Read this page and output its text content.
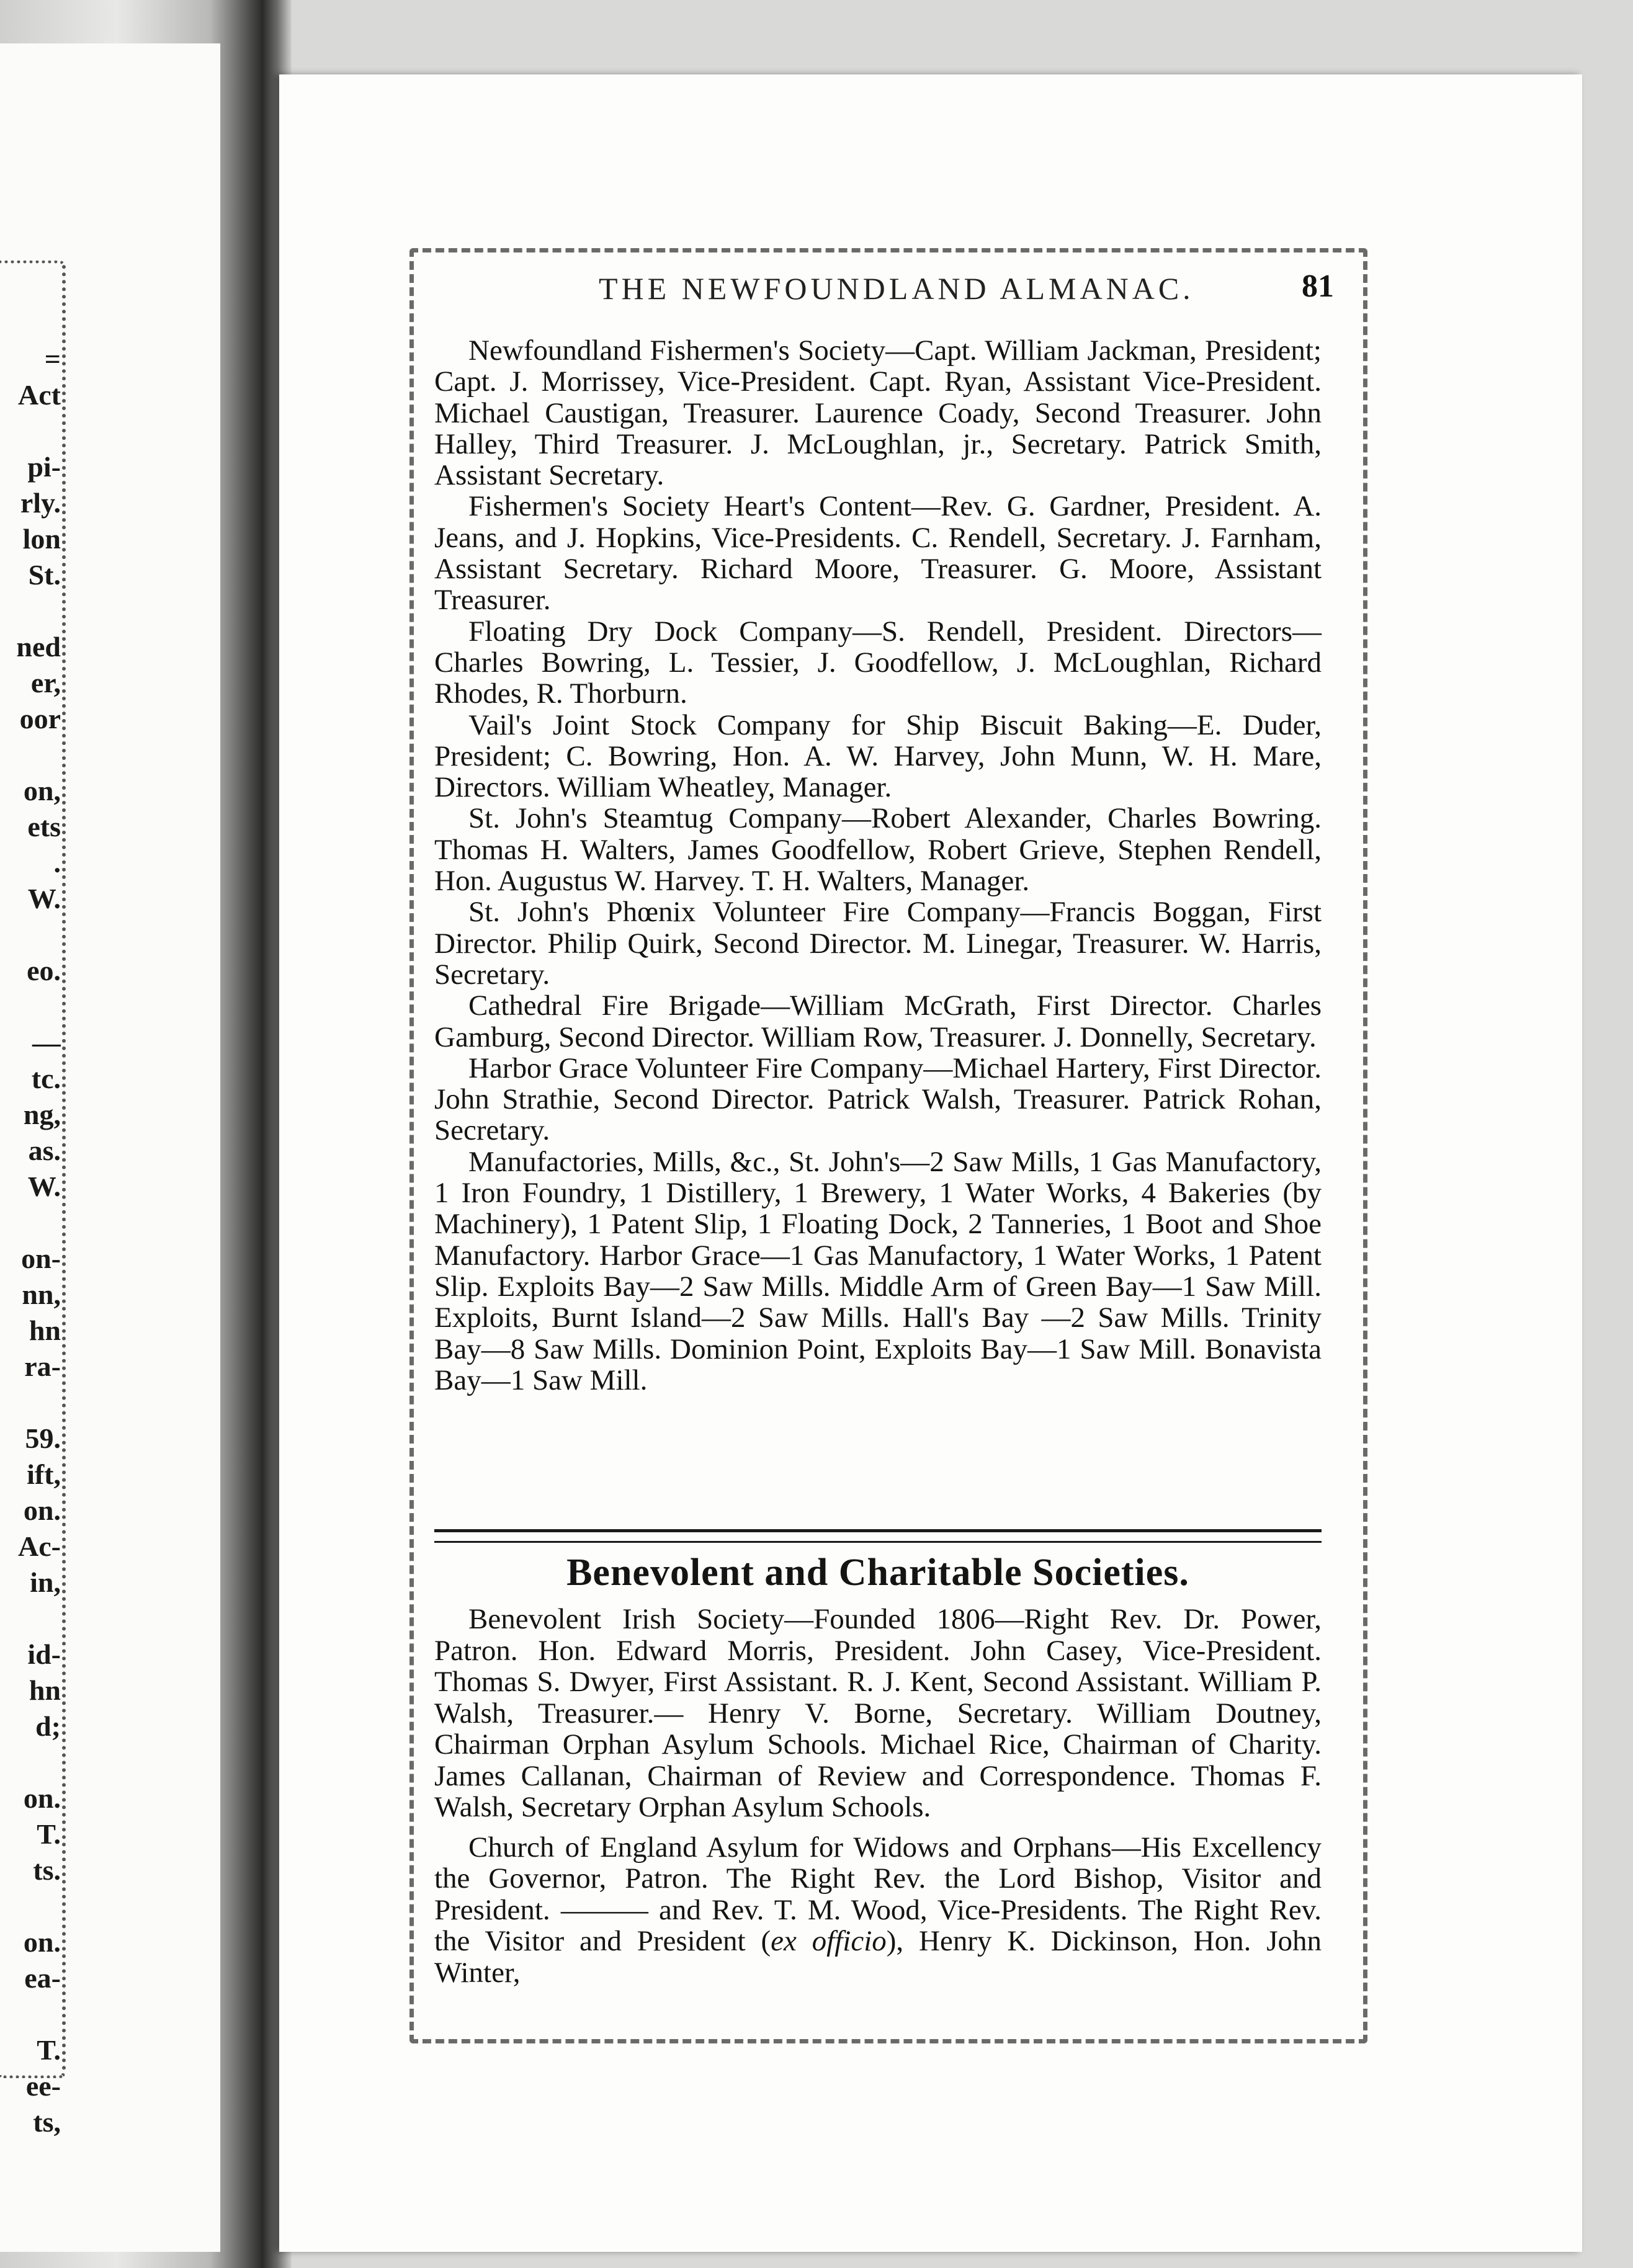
=
Act

pi-
rly.
lon
St.

ned
er,
oor

on,
ets
.
W.

eo.

—
tc.
ng,
as.
W.

on-
nn,
hn
ra-

59.
ift,
on.
Ac-
in,

id-
hn
d;

on.
T.
ts.

on.
ea-

T.
ee-
ts,
THE NEWFOUNDLAND ALMANAC.	81

Newfoundland Fishermen's Society—Capt. William Jackman, President; Capt. J. Morrissey, Vice-President. Capt. Ryan, Assistant Vice-President. Michael Caustigan, Treasurer. Laurence Coady, Second Treasurer. John Halley, Third Treasurer. J. McLoughlan, jr., Secretary. Patrick Smith, Assistant Secretary.

Fishermen's Society Heart's Content—Rev. G. Gardner, President. A. Jeans, and J. Hopkins, Vice-Presidents. C. Rendell, Secretary. J. Farnham, Assistant Secretary. Richard Moore, Treasurer. G. Moore, Assistant Treasurer.

Floating Dry Dock Company—S. Rendell, President. Directors—Charles Bowring, L. Tessier, J. Goodfellow, J. McLoughlan, Richard Rhodes, R. Thorburn.

Vail's Joint Stock Company for Ship Biscuit Baking—E. Duder, President; C. Bowring, Hon. A. W. Harvey, John Munn, W. H. Mare, Directors. William Wheatley, Manager.

St. John's Steamtug Company—Robert Alexander, Charles Bowring. Thomas H. Walters, James Goodfellow, Robert Grieve, Stephen Rendell, Hon. Augustus W. Harvey. T. H. Walters, Manager.

St. John's Phœnix Volunteer Fire Company—Francis Boggan, First Director. Philip Quirk, Second Director. M. Linegar, Treasurer. W. Harris, Secretary.

Cathedral Fire Brigade—William McGrath, First Director. Charles Gamburg, Second Director. William Row, Treasurer. J. Donnelly, Secretary.

Harbor Grace Volunteer Fire Company—Michael Hartery, First Director. John Strathie, Second Director. Patrick Walsh, Treasurer. Patrick Rohan, Secretary.

Manufactories, Mills, &c., St. John's—2 Saw Mills, 1 Gas Manufactory, 1 Iron Foundry, 1 Distillery, 1 Brewery, 1 Water Works, 4 Bakeries (by Machinery), 1 Patent Slip, 1 Floating Dock, 2 Tanneries, 1 Boot and Shoe Manufactory. Harbor Grace—1 Gas Manufactory, 1 Water Works, 1 Patent Slip. Exploits Bay—2 Saw Mills. Middle Arm of Green Bay—1 Saw Mill. Exploits, Burnt Island—2 Saw Mills. Hall's Bay —2 Saw Mills. Trinity Bay—8 Saw Mills. Dominion Point, Exploits Bay—1 Saw Mill. Bonavista Bay—1 Saw Mill.

Benevolent and Charitable Societies.

Benevolent Irish Society—Founded 1806—Right Rev. Dr. Power, Patron. Hon. Edward Morris, President. John Casey, Vice-President. Thomas S. Dwyer, First Assistant. R. J. Kent, Second Assistant. William P. Walsh, Treasurer.— Henry V. Borne, Secretary. William Doutney, Chairman Orphan Asylum Schools. Michael Rice, Chairman of Charity. James Callanan, Chairman of Review and Correspondence. Thomas F. Walsh, Secretary Orphan Asylum Schools.

Church of England Asylum for Widows and Orphans—His Excellency the Governor, Patron. The Right Rev. the Lord Bishop, Visitor and President. ——— and Rev. T. M. Wood, Vice-Presidents. The Right Rev. the Visitor and President (ex officio), Henry K. Dickinson, Hon. John Winter,
